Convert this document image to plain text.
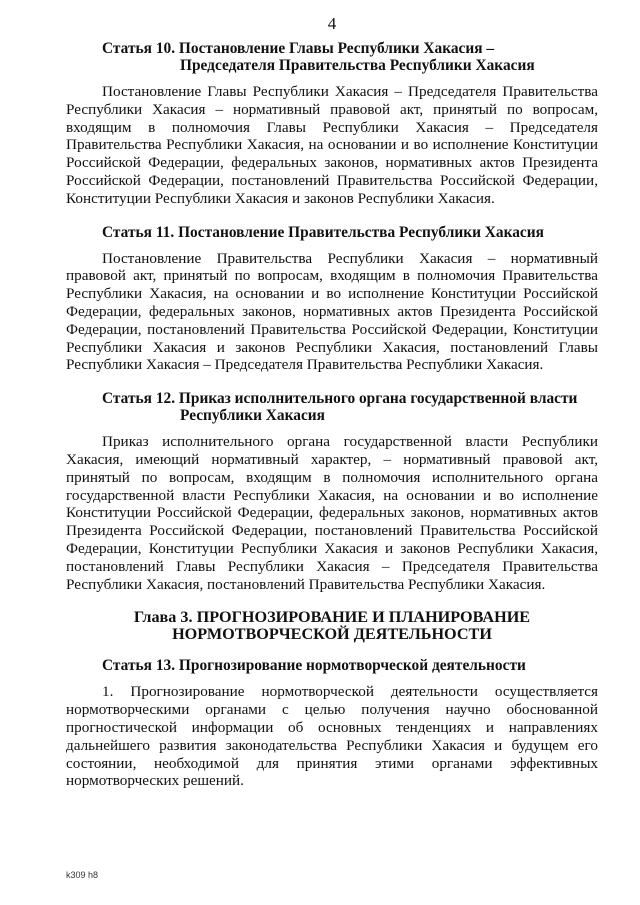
4
Статья 10. Постановление Главы Республики Хакасия –
Председателя Правительства Республики Хакасия

Постановление Главы Республики Хакасия – Председателя Правительства Республики Хакасия – нормативный правовой акт, принятый по вопросам, входящим в полномочия Главы Республики Хакасия – Председателя Правительства Республики Хакасия, на основании и во исполнение Конституции Российской Федерации, федеральных законов, нормативных актов Президента Российской Федерации, постановлений Правительства Российской Федерации, Конституции Республики Хакасия и законов Республики Хакасия.

Статья 11. Постановление Правительства Республики Хакасия

Постановление Правительства Республики Хакасия – нормативный правовой акт, принятый по вопросам, входящим в полномочия Правительства Республики Хакасия, на основании и во исполнение Конституции Российской Федерации, федеральных законов, нормативных актов Президента Российской Федерации, постановлений Правительства Российской Федерации, Конституции Республики Хакасия и законов Республики Хакасия, постановлений Главы Республики Хакасия – Председателя Правительства Республики Хакасия.

Статья 12. Приказ исполнительного органа государственной власти
Республики Хакасия

Приказ исполнительного органа государственной власти Республики Хакасия, имеющий нормативный характер, – нормативный правовой акт, принятый по вопросам, входящим в полномочия исполнительного органа государственной власти Республики Хакасия, на основании и во исполнение Конституции Российской Федерации, федеральных законов, нормативных актов Президента Российской Федерации, постановлений Правительства Российской Федерации, Конституции Республики Хакасия и законов Республики Хакасия, постановлений Главы Республики Хакасия – Председателя Правительства Республики Хакасия, постановлений Правительства Республики Хакасия.

Глава 3. ПРОГНОЗИРОВАНИЕ И ПЛАНИРОВАНИЕ
НОРМОТВОРЧЕСКОЙ ДЕЯТЕЛЬНОСТИ
Статья 13. Прогнозирование нормотворческой деятельности

1. Прогнозирование нормотворческой деятельности осуществляется нормотворческими органами с целью получения научно обоснованной прогностической информации об основных тенденциях и направлениях дальнейшего развития законодательства Республики Хакасия и будущем его состоянии, необходимой для принятия этими органами эффективных нормотворческих решений.

k309 h8
